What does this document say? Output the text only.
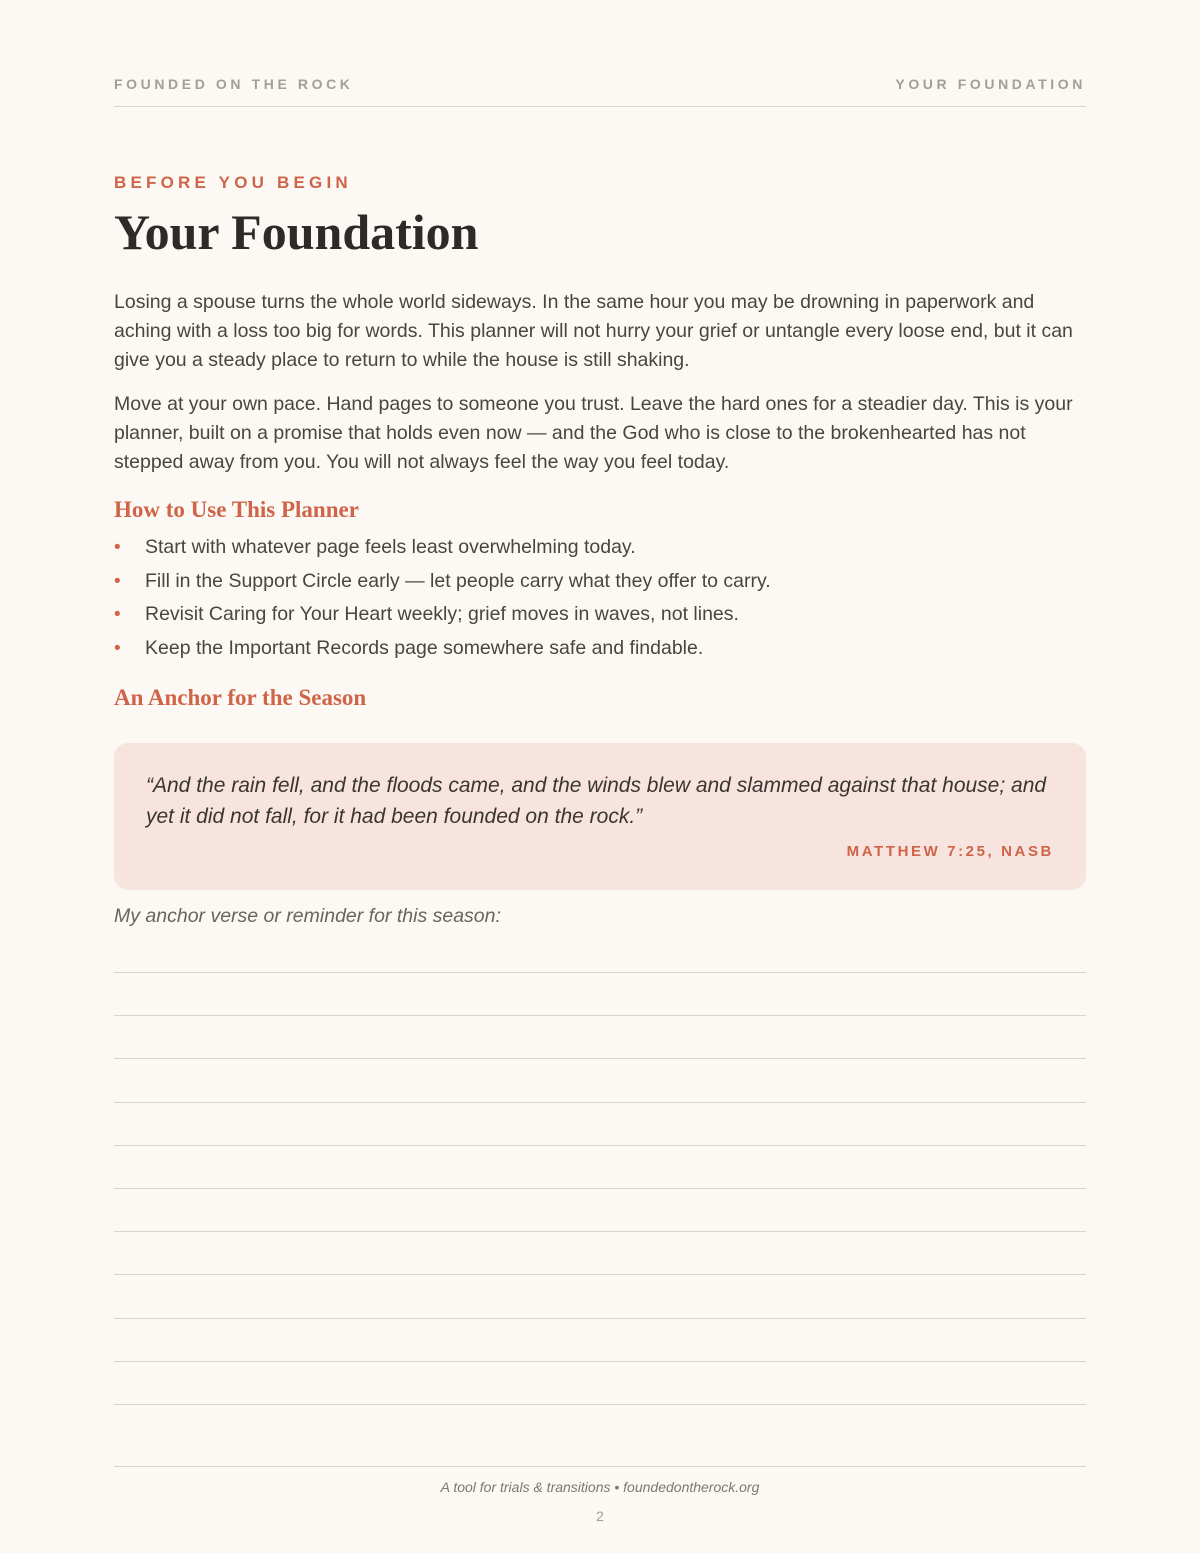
FOUNDED ON THE ROCK	YOUR FOUNDATION
BEFORE YOU BEGIN
Your Foundation

Losing a spouse turns the whole world sideways. In the same hour you may be drowning in paperwork and aching with a loss too big for words. This planner will not hurry your grief or untangle every loose end, but it can give you a steady place to return to while the house is still shaking.

Move at your own pace. Hand pages to someone you trust. Leave the hard ones for a steadier day. This is your planner, built on a promise that holds even now — and the God who is close to the brokenhearted has not stepped away from you. You will not always feel the way you feel today.

How to Use This Planner
• Start with whatever page feels least overwhelming today.
• Fill in the Support Circle early — let people carry what they offer to carry.
• Revisit Caring for Your Heart weekly; grief moves in waves, not lines.
• Keep the Important Records page somewhere safe and findable.
An Anchor for the Season

“And the rain fell, and the floods came, and the winds blew and slammed against that house; and yet it did not fall, for it had been founded on the rock.”

MATTHEW 7:25, NASB
My anchor verse or reminder for this season:
A tool for trials & transitions • foundedontherock.org
2
